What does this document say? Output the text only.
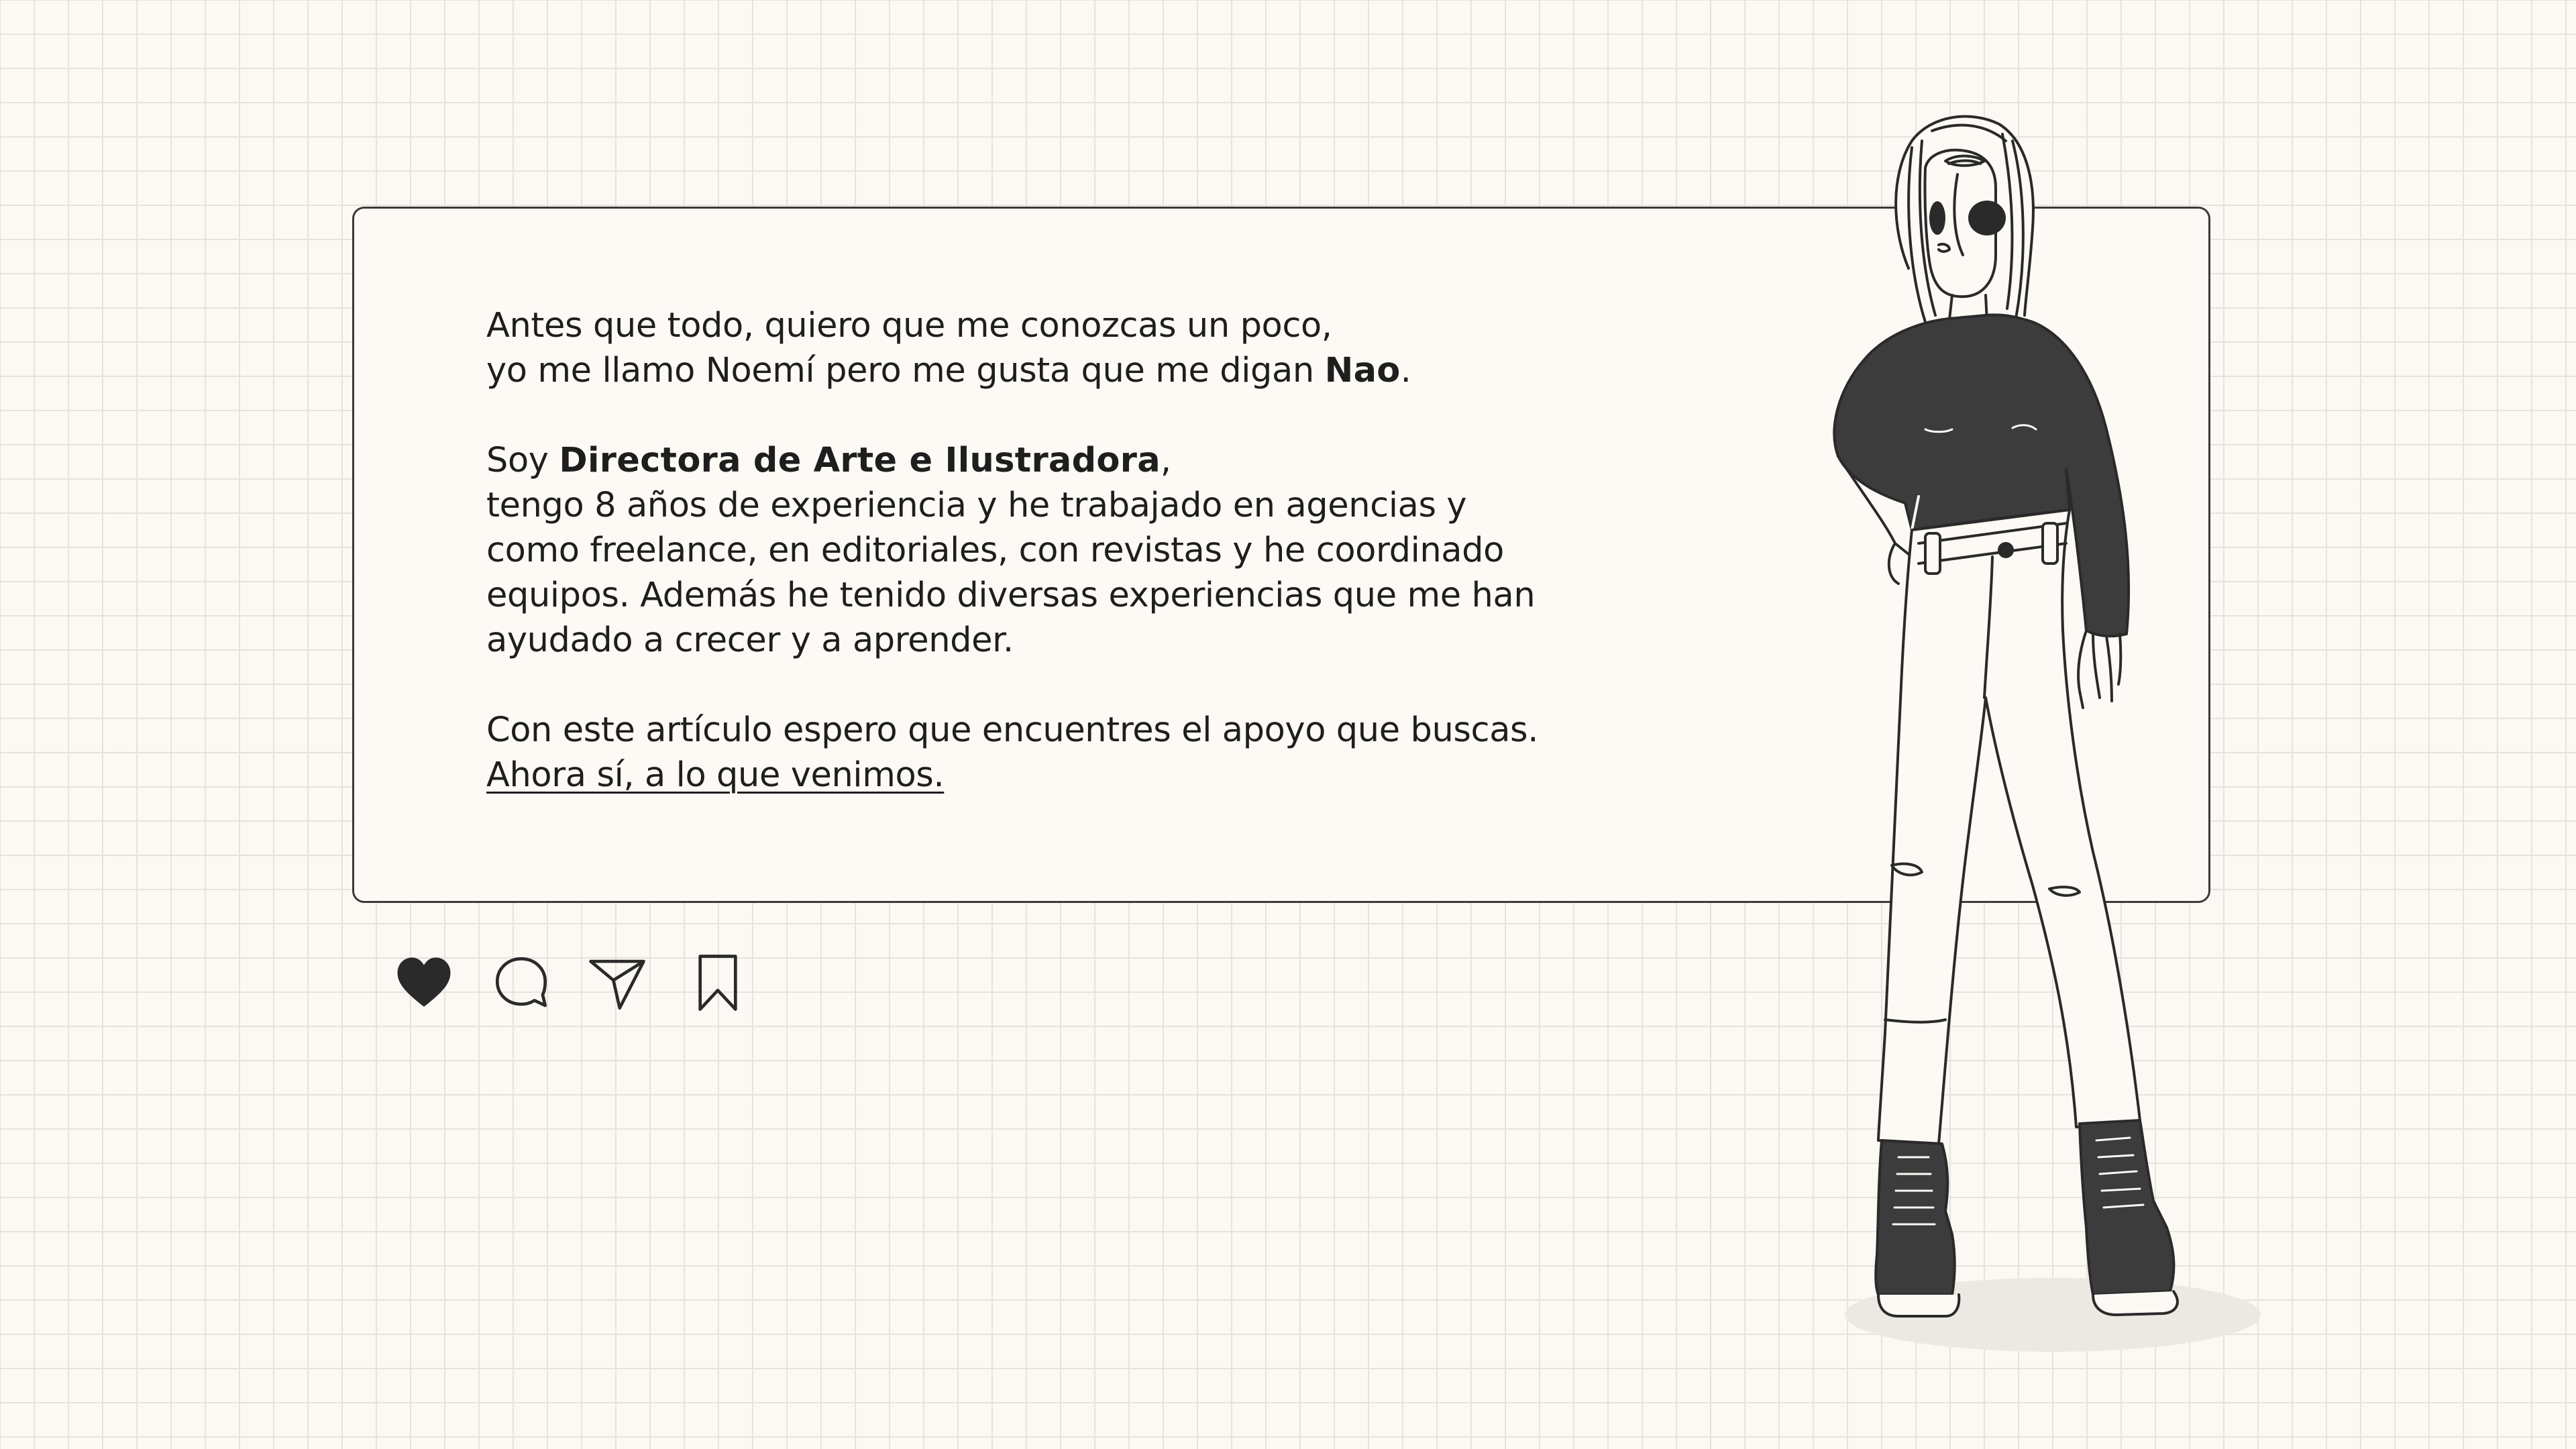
Antes que todo, quiero que me conozcas un poco,

yo me llamo Noemí pero me gusta que me digan Nao.

Soy Directora de Arte e Ilustradora,

tengo 8 años de experiencia y he trabajado en agencias y

como freelance, en editoriales, con revistas y he coordinado

equipos. Además he tenido diversas experiencias que me han

ayudado a crecer y a aprender.

Con este artículo espero que encuentres el apoyo que buscas.

Ahora sí, a lo que venimos.
